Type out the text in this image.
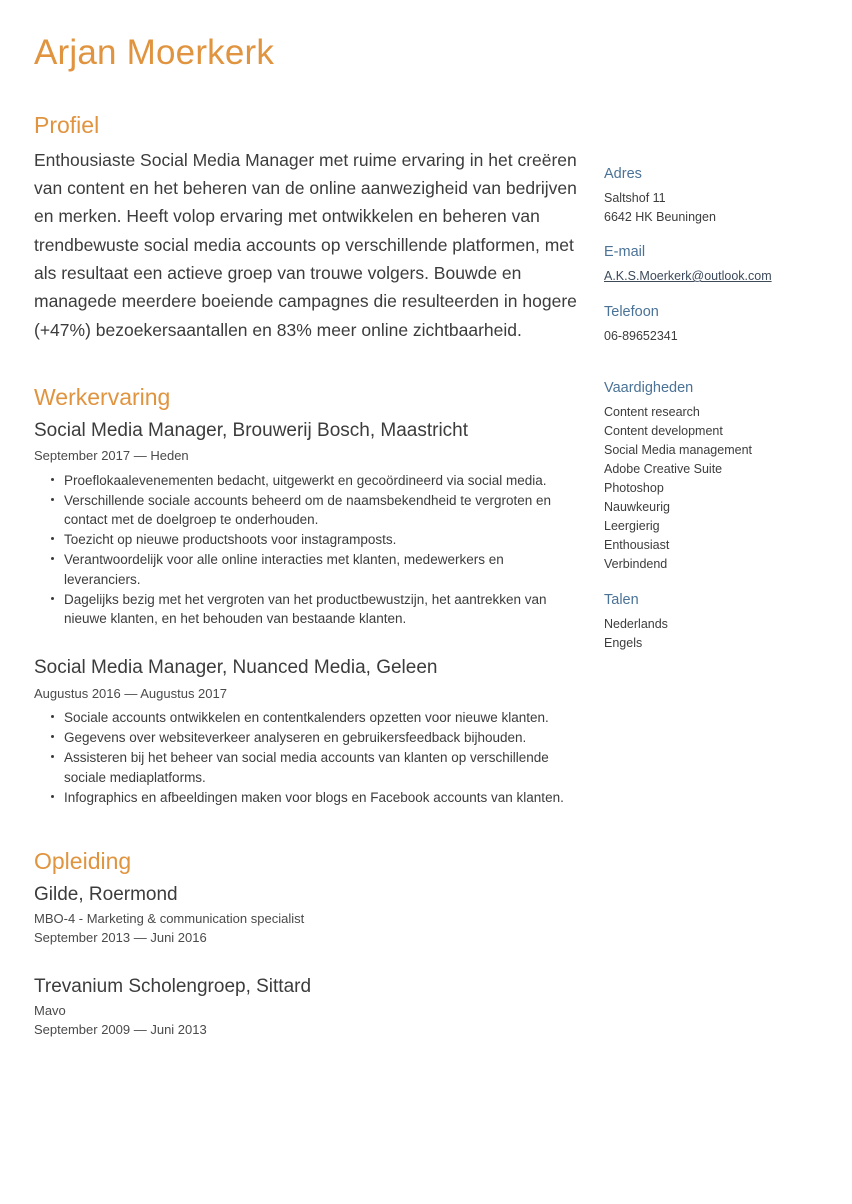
Arjan Moerkerk
Profiel

Enthousiaste Social Media Manager met ruime ervaring in het creëren van content en het beheren van de online aanwezigheid van bedrijven en merken. Heeft volop ervaring met ontwikkelen en beheren van trendbewuste social media accounts op verschillende platformen, met als resultaat een actieve groep van trouwe volgers. Bouwde en managede meerdere boeiende campagnes die resulteerden in hogere (+47%) bezoekersaantallen en 83% meer online zichtbaarheid.

Werkervaring
Social Media Manager, Brouwerij Bosch, Maastricht
September 2017 — Heden
Proeflokaalevenementen bedacht, uitgewerkt en gecoördineerd via social media.
Verschillende sociale accounts beheerd om de naamsbekendheid te vergroten en contact met de doelgroep te onderhouden.
Toezicht op nieuwe productshoots voor instagramposts.
Verantwoordelijk voor alle online interacties met klanten, medewerkers en leveranciers.
Dagelijks bezig met het vergroten van het productbewustzijn, het aantrekken van nieuwe klanten, en het behouden van bestaande klanten.
Social Media Manager, Nuanced Media, Geleen
Augustus 2016 — Augustus 2017
Sociale accounts ontwikkelen en contentkalenders opzetten voor nieuwe klanten.
Gegevens over websiteverkeer analyseren en gebruikersfeedback bijhouden.
Assisteren bij het beheer van social media accounts van klanten op verschillende sociale mediaplatforms.
Infographics en afbeeldingen maken voor blogs en Facebook accounts van klanten.
Opleiding
Gilde, Roermond
MBO-4 - Marketing & communication specialist
September 2013 — Juni 2016
Trevanium Scholengroep, Sittard
Mavo
September 2009 — Juni 2013
Adres
Saltshof 11
6642 HK Beuningen
E-mail
A.K.S.Moerkerk@outlook.com
Telefoon
06-89652341
Vaardigheden
Content research
Content development
Social Media management
Adobe Creative Suite
Photoshop
Nauwkeurig
Leergierig
Enthousiast
Verbindend
Talen
Nederlands
Engels
